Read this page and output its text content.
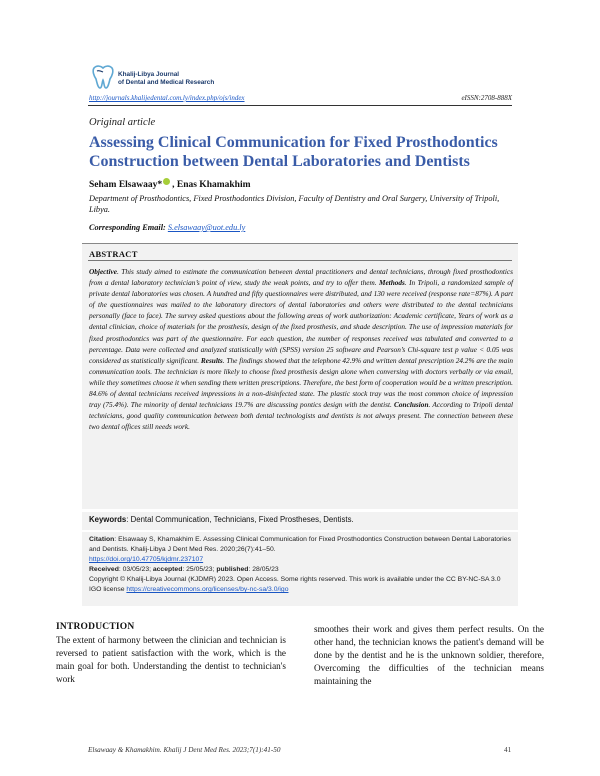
Khalij-Libya Journal
of Dental and Medical Research
http://journals.khalijedental.com.ly/index.php/ojs/index	eISSN:2708-888X
Original article
Assessing Clinical Communication for Fixed Prosthodontics Construction between Dental Laboratories and Dentists
Seham Elsawaay* , Enas Khamakhim
Department of Prosthodontics, Fixed Prosthodontics Division, Faculty of Dentistry and Oral Surgery, University of Tripoli, Libya.
Corresponding Email: S.elsawaay@uot.edu.ly
ABSTRACT
Objective. This study aimed to estimate the communication between dental practitioners and dental technicians, through fixed prosthodontics from a dental laboratory technician’s point of view, study the weak points, and try to offer them. Methods. In Tripoli, a randomized sample of private dental laboratories was chosen. A hundred and fifty questionnaires were distributed, and 130 were received (response rate=87%). A part of the questionnaires was mailed to the laboratory directors of dental laboratories and others were distributed to the dental technicians personally (face to face). The survey asked questions about the following areas of work authorization: Academic certificate, Years of work as a dental clinician, choice of materials for the prosthesis, design of the fixed prosthesis, and shade description. The use of impression materials for fixed prosthodontics was part of the questionnaire. For each question, the number of responses received was tabulated and converted to a percentage. Data were collected and analyzed statistically with (SPSS) version 25 software and Pearson’s Chi-square test p value < 0.05 was considered as statistically significant. Results. The findings showed that the telephone 42.9% and written dental prescription 24.2% are the main communication tools. The technician is more likely to choose fixed prosthesis design alone when conversing with doctors verbally or via email, while they sometimes choose it when sending them written prescriptions. Therefore, the best form of cooperation would be a written prescription. 84.6% of dental technicians received impressions in a non-disinfected state. The plastic stock tray was the most common choice of impression tray (75.4%). The minority of dental technicians 19.7% are discussing pontics design with the dentist. Conclusion. According to Tripoli dental technicians, good quality communication between both dental technologists and dentists is not always present. The connection between these two dental offices still needs work.
Keywords: Dental Communication, Technicians, Fixed Prostheses, Dentists.
Citation: Elsawaay S, Khamakhim E. Assessing Clinical Communication for Fixed Prosthodontics Construction between Dental Laboratories and Dentists. Khalij-Libya J Dent Med Res. 2020;26(7):41–50.
https://doi.org/10.47705/kjdmr.237107
Received: 03/05/23; accepted: 25/05/23; published: 28/05/23
Copyright © Khalij-Libya Journal (KJDMR) 2023. Open Access. Some rights reserved. This work is available under the CC BY-NC-SA 3.0 IGO license https://creativecommons.org/licenses/by-nc-sa/3.0/igo
INTRODUCTION
The extent of harmony between the clinician and technician is reversed to patient satisfaction with the work, which is the main goal for both. Understanding the dentist to technician's work
smoothes their work and gives them perfect results. On the other hand, the technician knows the patient's demand will be done by the dentist and he is the unknown soldier, therefore, Overcoming the difficulties of the technician means maintaining the
Elsawaay & Khamakhim. Khalij J Dent Med Res. 2023;7(1):41-50	41
